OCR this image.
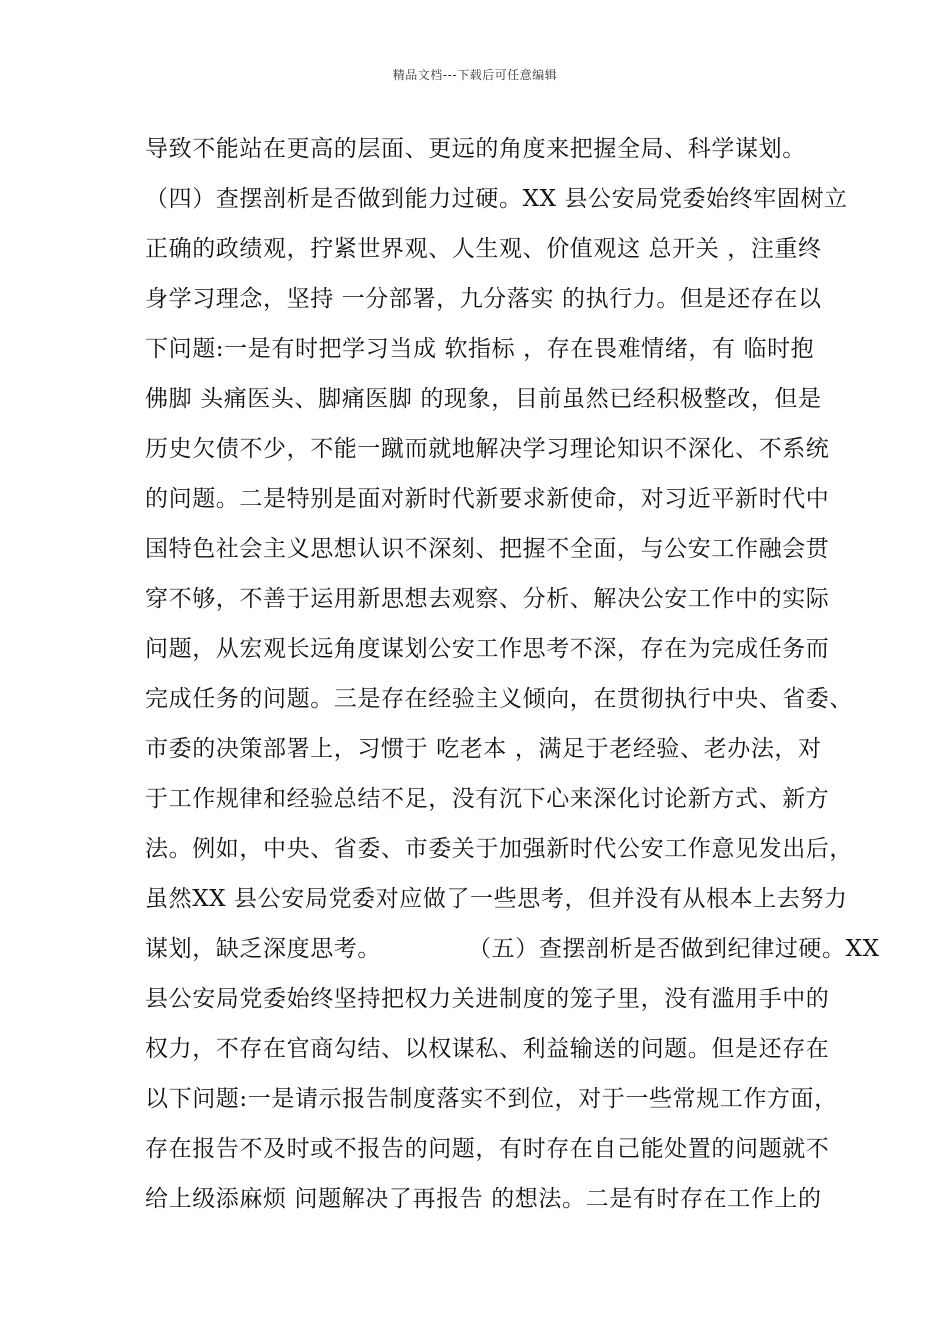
精品文档---下载后可任意编辑
导致不能站在更高的层面、更远的角度来把握全局、科学谋划。
（四）查摆剖析是否做到能力过硬。XX 县公安局党委始终牢固树立
正确的政绩观，拧紧世界观、人生观、价值观这 总开关 ，注重终
身学习理念，坚持 一分部署，九分落实 的执行力。但是还存在以
下问题:一是有时把学习当成 软指标 ，存在畏难情绪，有 临时抱
佛脚 头痛医头、脚痛医脚 的现象，目前虽然已经积极整改，但是
历史欠债不少，不能一蹴而就地解决学习理论知识不深化、不系统
的问题。二是特别是面对新时代新要求新使命，对习近平新时代中
国特色社会主义思想认识不深刻、把握不全面，与公安工作融会贯
穿不够，不善于运用新思想去观察、分析、解决公安工作中的实际
问题，从宏观长远角度谋划公安工作思考不深，存在为完成任务而
完成任务的问题。三是存在经验主义倾向，在贯彻执行中央、省委、
市委的决策部署上，习惯于 吃老本 ，满足于老经验、老办法，对
于工作规律和经验总结不足，没有沉下心来深化讨论新方式、新方
法。例如，中央、省委、市委关于加强新时代公安工作意见发出后，
虽然XX 县公安局党委对应做了一些思考，但并没有从根本上去努力
谋划，缺乏深度思考。           （五）查摆剖析是否做到纪律过硬。XX
县公安局党委始终坚持把权力关进制度的笼子里，没有滥用手中的
权力，不存在官商勾结、以权谋私、利益输送的问题。但是还存在
以下问题:一是请示报告制度落实不到位，对于一些常规工作方面，
存在报告不及时或不报告的问题，有时存在自己能处置的问题就不
给上级添麻烦 问题解决了再报告 的想法。二是有时存在工作上的
